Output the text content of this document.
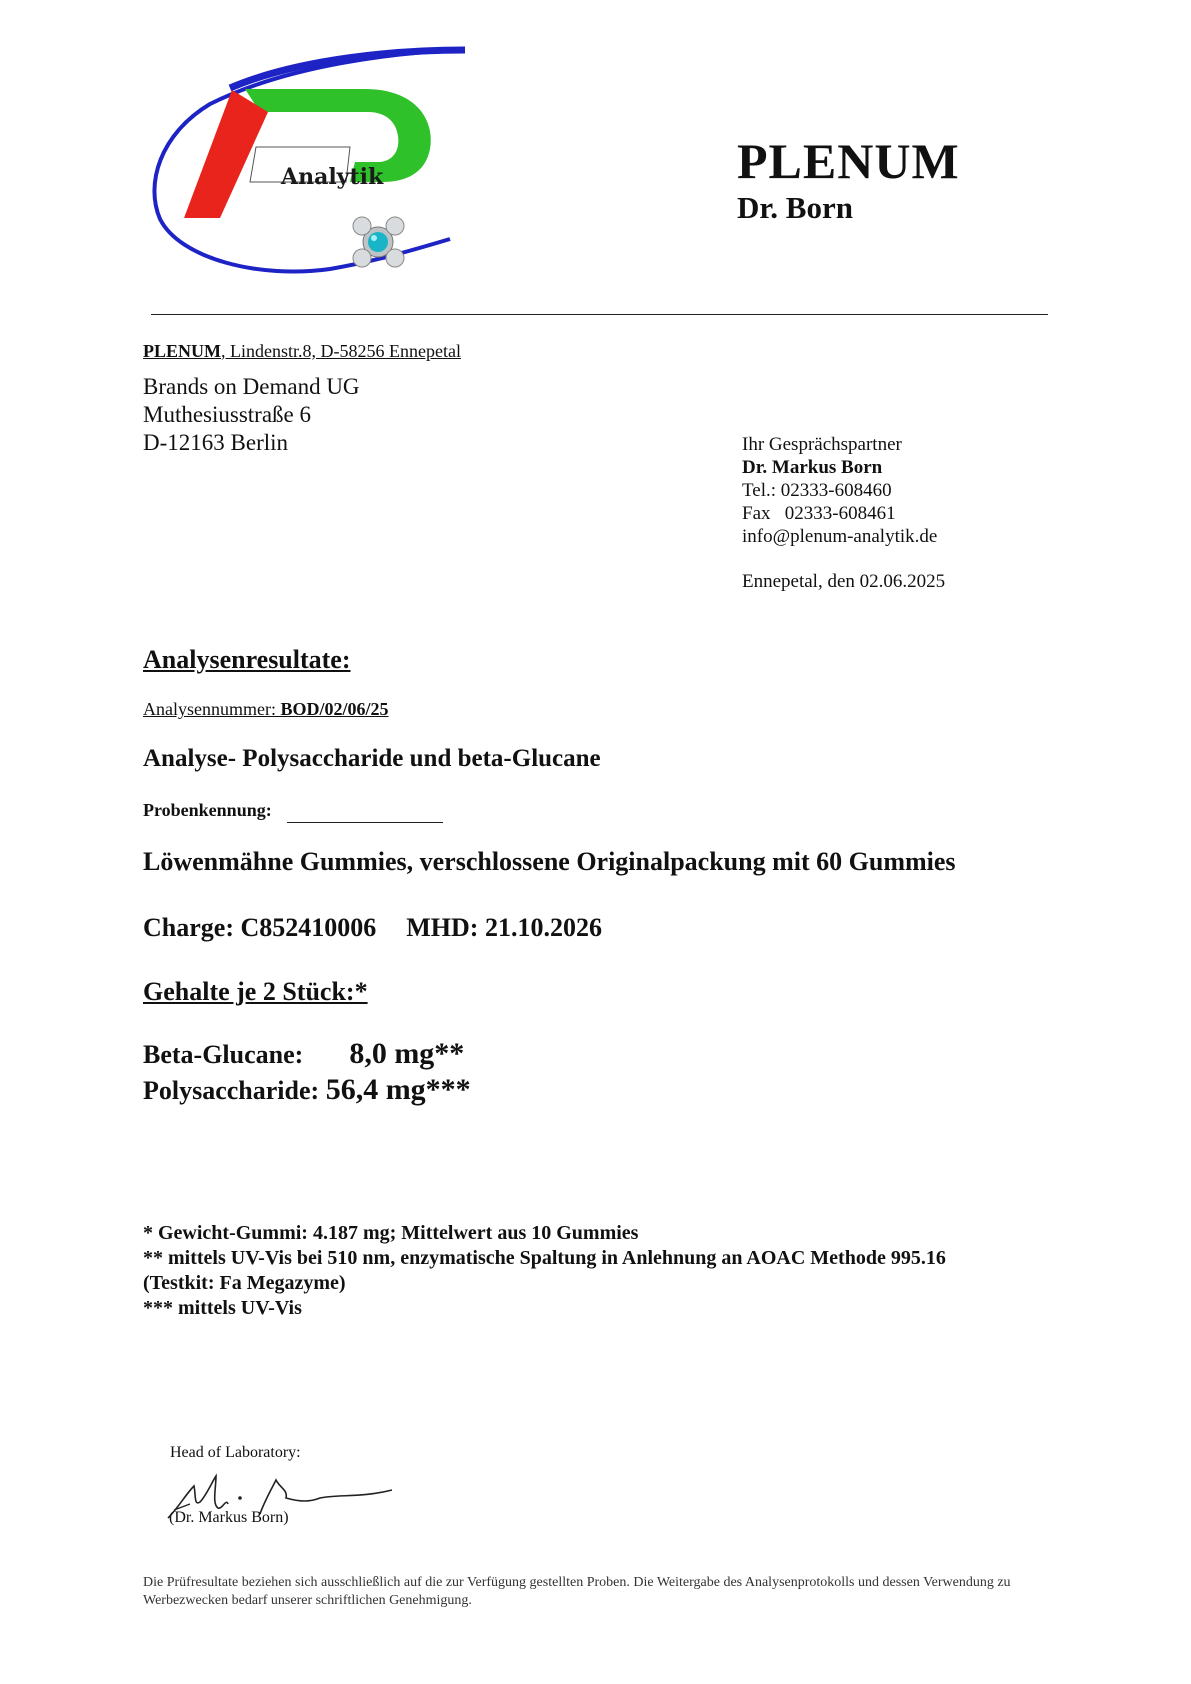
Analytik	PLENUM
Dr. Born
PLENUM, Lindenstr.8, D-58256 Ennepetal
Brands on Demand UG
Muthesiusstraße 6
D-12163 Berlin	Ihr Gesprächspartner
Dr. Markus Born
Tel.: 02333-608460
Fax   02333-608461
info@plenum-analytik.de
Ennepetal, den 02.06.2025
Analysenresultate:
Analysennummer: BOD/02/06/25
Analyse- Polysaccharide und beta-Glucane
Probenkennung:
Löwenmähne Gummies, verschlossene Originalpackung mit 60 Gummies
Charge: C852410006 MHD: 21.10.2026
Gehalte je 2 Stück:*
Beta-Glucane: 8,0 mg**
Polysaccharide: 56,4 mg***
* Gewicht-Gummi: 4.187 mg; Mittelwert aus 10 Gummies
** mittels UV-Vis bei 510 nm, enzymatische Spaltung in Anlehnung an AOAC Methode 995.16
(Testkit: Fa Megazyme)
*** mittels UV-Vis
Head of Laboratory:
(Dr. Markus Born)
Die Prüfresultate beziehen sich ausschließlich auf die zur Verfügung gestellten Proben. Die Weitergabe des Analysenprotokolls und dessen Verwendung zu Werbezwecken bedarf unserer schriftlichen Genehmigung.
